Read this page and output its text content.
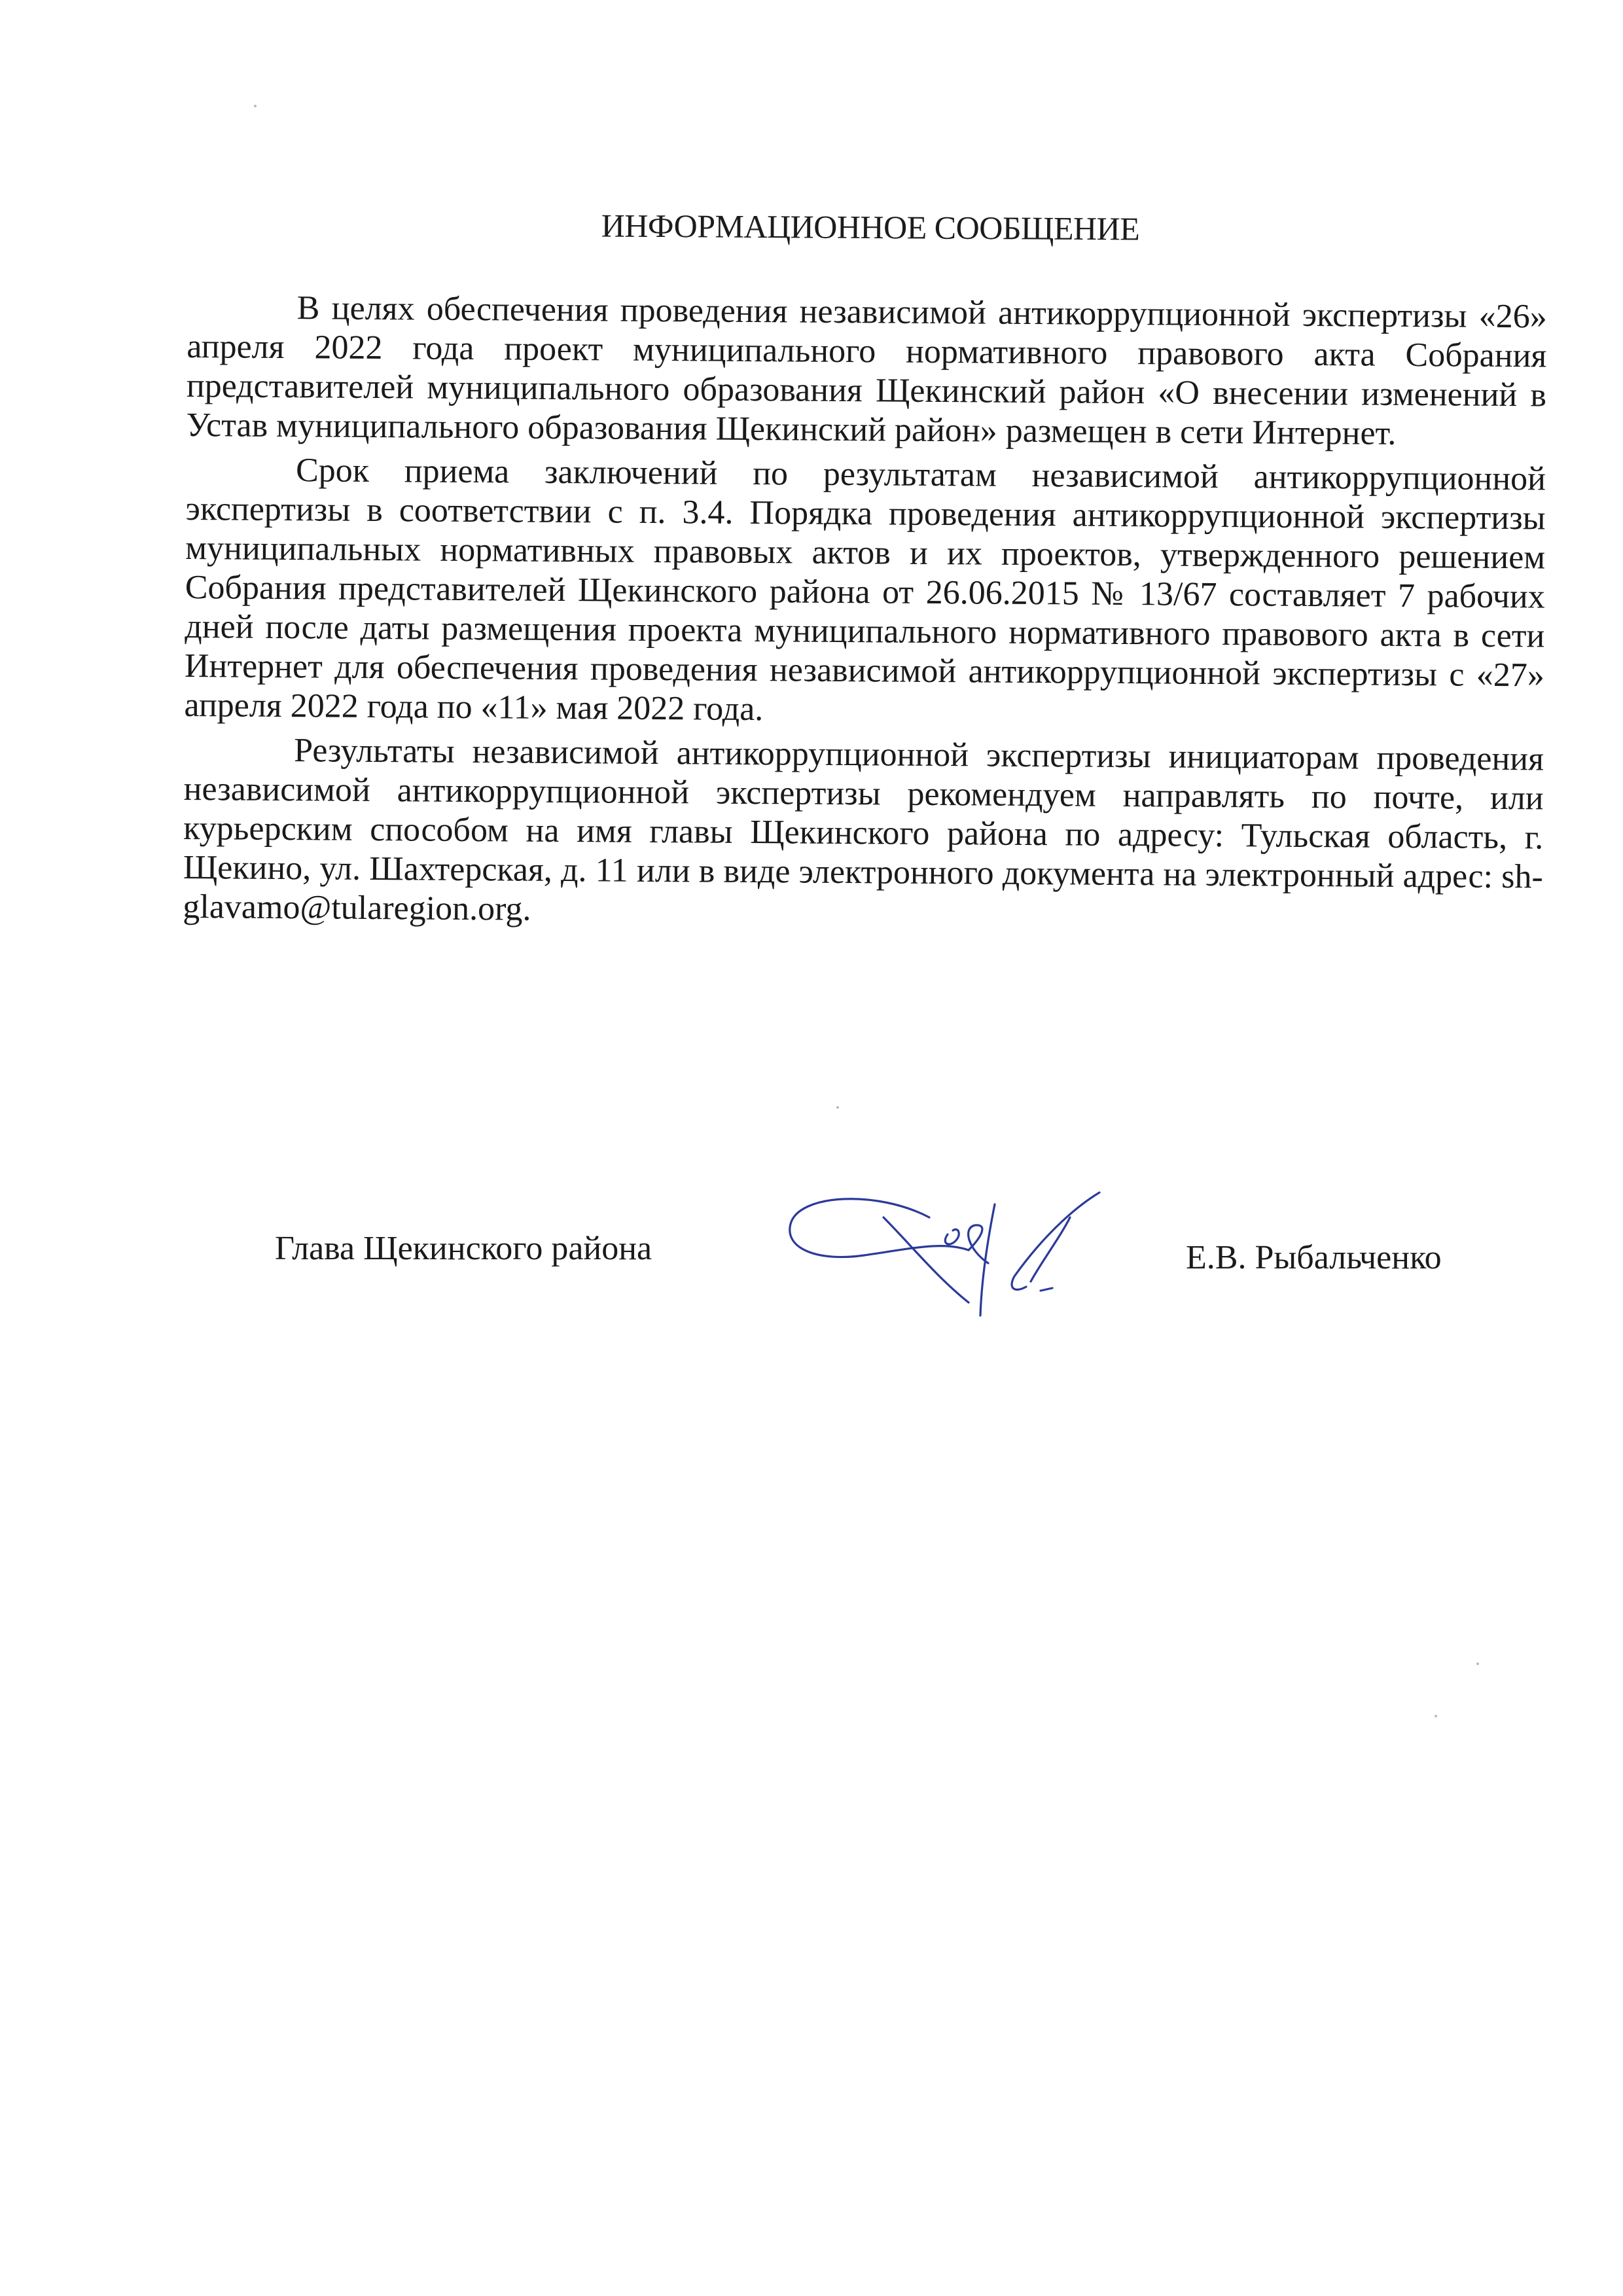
ИНФОРМАЦИОННОЕ СООБЩЕНИЕ

В целях обеспечения проведения независимой антикоррупционной экспертизы «26» апреля 2022 года проект муниципального нормативного правового акта Собрания представителей муниципального образования Щекинский район «О внесении изменений в Устав муниципального образования Щекинский район» размещен в сети Интернет.

Срок приема заключений по результатам независимой антикоррупционной экспертизы в соответствии с п. 3.4. Порядка проведения антикоррупционной экспертизы муниципальных нормативных правовых актов и их проектов, утвержденного решением Собрания представителей Щекинского района от 26.06.2015 № 13/67 составляет 7 рабочих дней после даты размещения проекта муниципального нормативного правового акта в сети Интернет для обеспечения проведения независимой антикоррупционной экспертизы с «27» апреля 2022 года по «11» мая 2022 года.

Результаты независимой антикоррупционной экспертизы инициаторам проведения независимой антикоррупционной экспертизы рекомендуем направлять по почте, или курьерским способом на имя главы Щекинского района по адресу: Тульская область, г. Щекино, ул. Шахтерская, д. 11 или в виде электронного документа на электронный адрес: sh-glavamo@tularegion.org.

Глава Щекинского района	Е.В. Рыбальченко
